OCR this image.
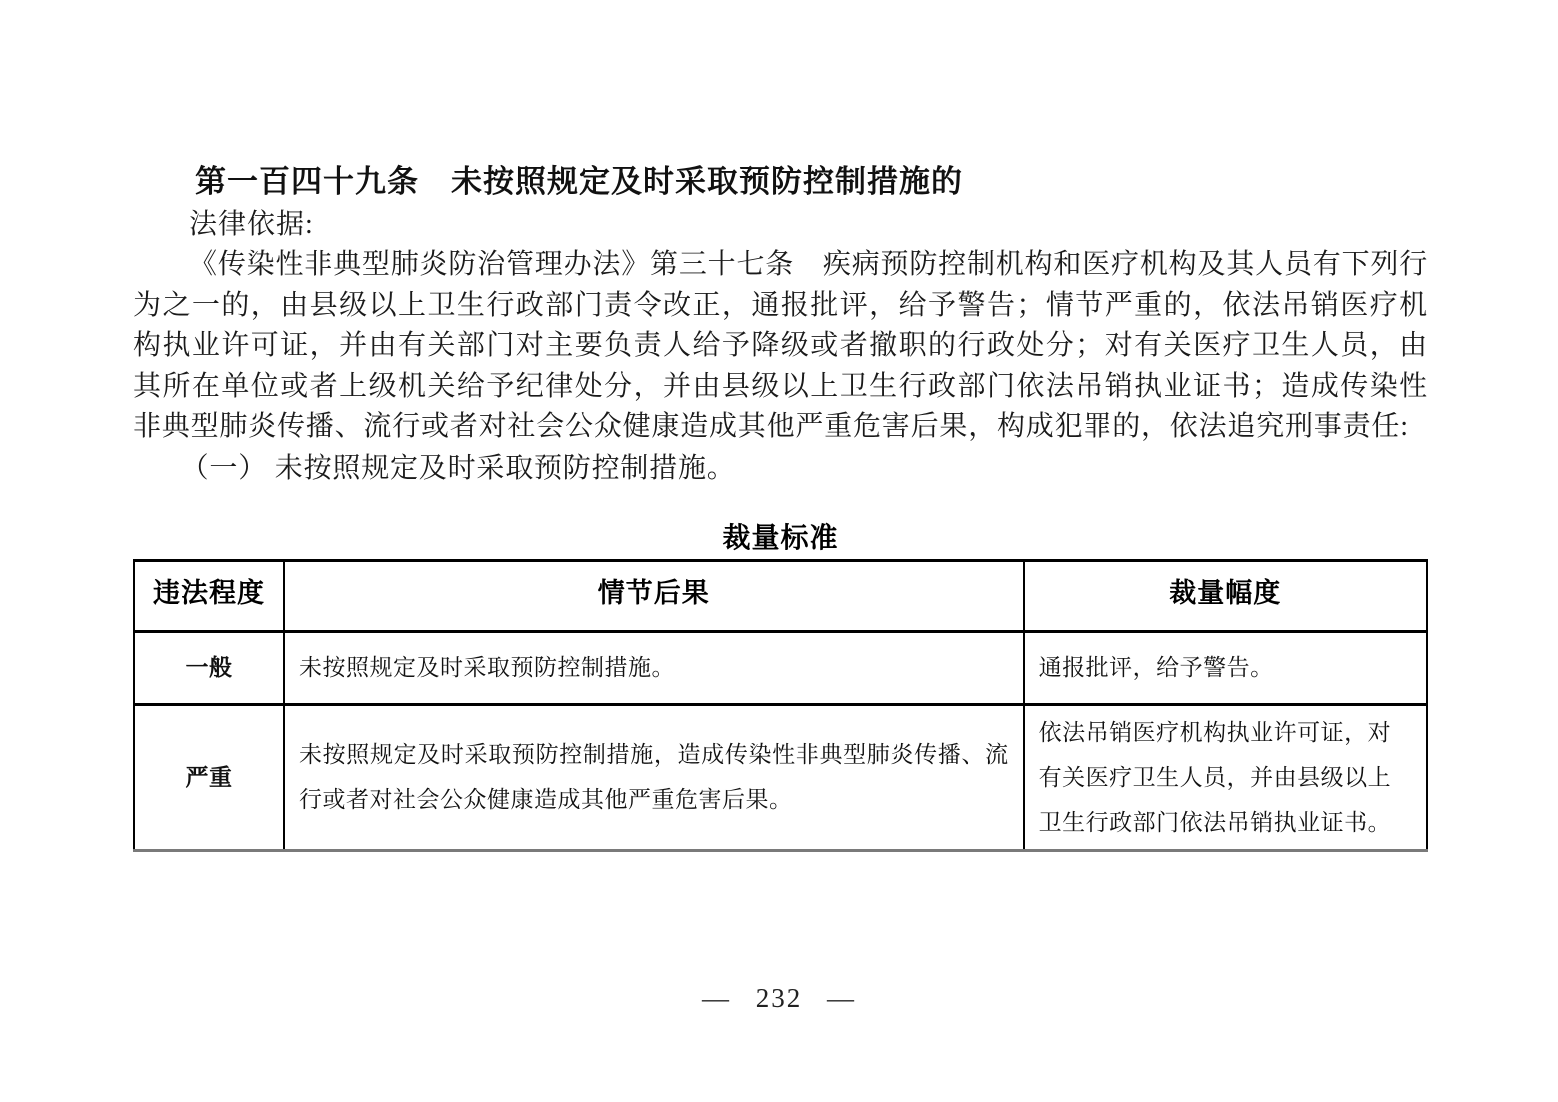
第一百四十九条　未按照规定及时采取预防控制措施的

法律依据:

《传染性非典型肺炎防治管理办法》第三十七条　疾病预防控制机构和医疗机构及其人员有下列行为之一的，由县级以上卫生行政部门责令改正，通报批评，给予警告；情节严重的，依法吊销医疗机构执业许可证，并由有关部门对主要负责人给予降级或者撤职的行政处分；对有关医疗卫生人员，由其所在单位或者上级机关给予纪律处分，并由县级以上卫生行政部门依法吊销执业证书；造成传染性非典型肺炎传播、流行或者对社会公众健康造成其他严重危害后果，构成犯罪的，依法追究刑事责任:

（一） 未按照规定及时采取预防控制措施。

裁量标准
违法程度	情节后果	裁量幅度
一般	未按照规定及时采取预防控制措施。	通报批评，给予警告。
严重	未按照规定及时采取预防控制措施，造成传染性非典型肺炎传播、流行或者对社会公众健康造成其他严重危害后果。	依法吊销医疗机构执业许可证，对有关医疗卫生人员，并由县级以上卫生行政部门依法吊销执业证书。
— 232 —
